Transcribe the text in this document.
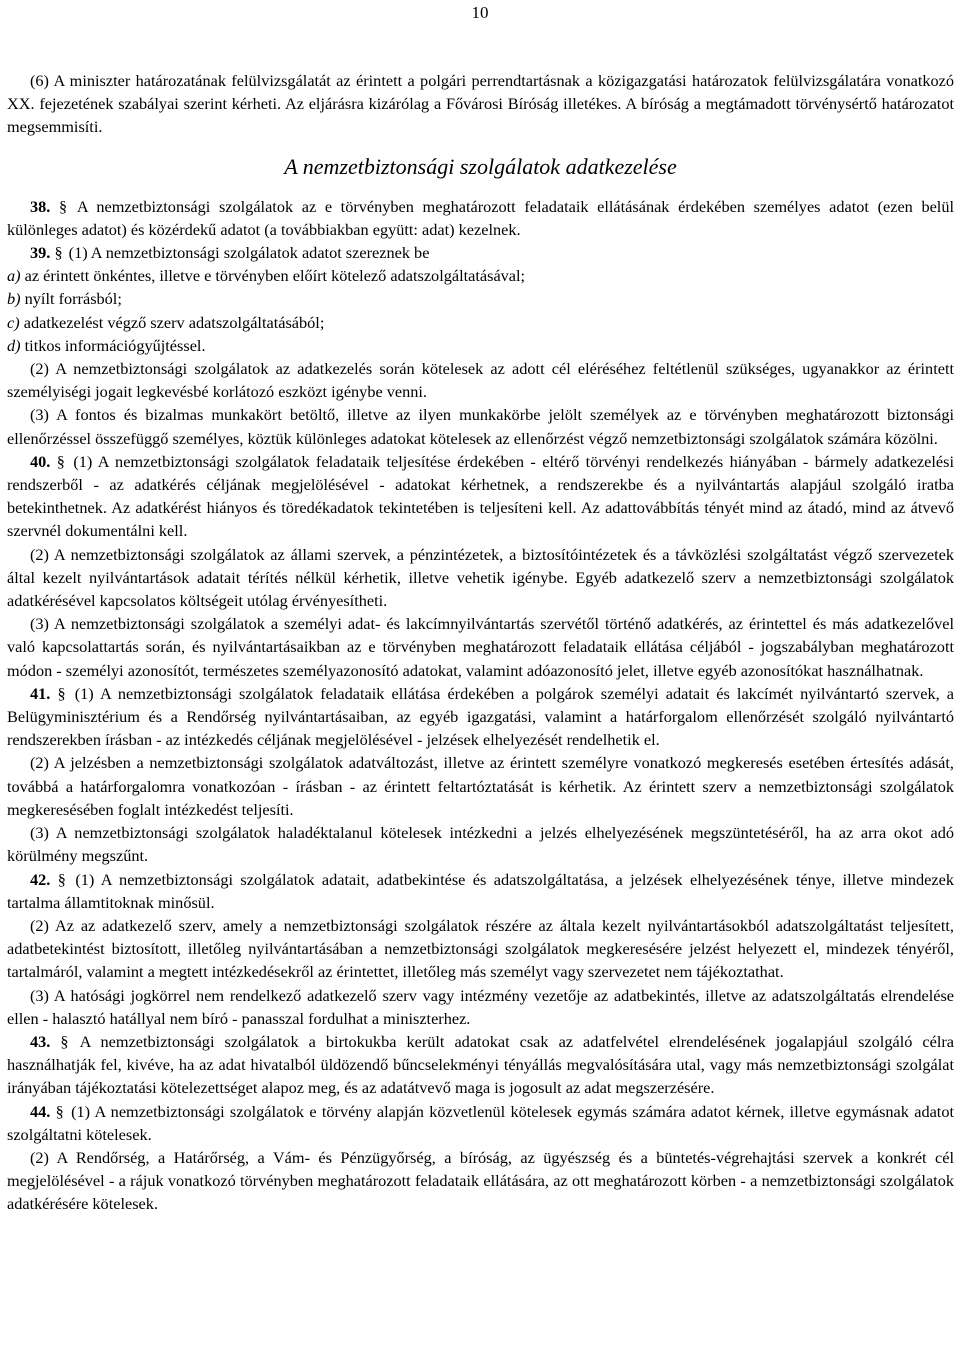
10

(6) A miniszter határozatának felülvizsgálatát az érintett a polgári perrendtartásnak a közigazgatási határozatok felülvizsgálatára vonatkozó XX. fejezetének szabályai szerint kérheti. Az eljárásra kizárólag a Fővárosi Bíróság illetékes. A bíróság a megtámadott törvénysértő határozatot megsemmisíti.

A nemzetbiztonsági szolgálatok adatkezelése

38. § A nemzetbiztonsági szolgálatok az e törvényben meghatározott feladataik ellátásának érdekében személyes adatot (ezen belül különleges adatot) és közérdekű adatot (a továbbiakban együtt: adat) kezelnek.

39. § (1) A nemzetbiztonsági szolgálatok adatot szereznek be

a) az érintett önkéntes, illetve e törvényben előírt kötelező adatszolgáltatásával;

b) nyílt forrásból;

c) adatkezelést végző szerv adatszolgáltatásából;

d) titkos információgyűjtéssel.

(2) A nemzetbiztonsági szolgálatok az adatkezelés során kötelesek az adott cél eléréséhez feltétlenül szükséges, ugyanakkor az érintett személyiségi jogait legkevésbé korlátozó eszközt igénybe venni.

(3) A fontos és bizalmas munkakört betöltő, illetve az ilyen munkakörbe jelölt személyek az e törvényben meghatározott biztonsági ellenőrzéssel összefüggő személyes, köztük különleges adatokat kötelesek az ellenőrzést végző nemzetbiztonsági szolgálatok számára közölni.

40. § (1) A nemzetbiztonsági szolgálatok feladataik teljesítése érdekében - eltérő törvényi rendelkezés hiányában - bármely adatkezelési rendszerből - az adatkérés céljának megjelölésével - adatokat kérhetnek, a rendszerekbe és a nyilvántartás alapjául szolgáló iratba betekinthetnek. Az adatkérést hiányos és töredékadatok tekintetében is teljesíteni kell. Az adattovábbítás tényét mind az átadó, mind az átvevő szervnél dokumentálni kell.

(2) A nemzetbiztonsági szolgálatok az állami szervek, a pénzintézetek, a biztosítóintézetek és a távközlési szolgáltatást végző szervezetek által kezelt nyilvántartások adatait térítés nélkül kérhetik, illetve vehetik igénybe. Egyéb adatkezelő szerv a nemzetbiztonsági szolgálatok adatkérésével kapcsolatos költségeit utólag érvényesítheti.

(3) A nemzetbiztonsági szolgálatok a személyi adat- és lakcímnyilvántartás szervétől történő adatkérés, az érintettel és más adatkezelővel való kapcsolattartás során, és nyilvántartásaikban az e törvényben meghatározott feladataik ellátása céljából - jogszabályban meghatározott módon - személyi azonosítót, természetes személyazonosító adatokat, valamint adóazonosító jelet, illetve egyéb azonosítókat használhatnak.

41. § (1) A nemzetbiztonsági szolgálatok feladataik ellátása érdekében a polgárok személyi adatait és lakcímét nyilvántartó szervek, a Belügyminisztérium és a Rendőrség nyilvántartásaiban, az egyéb igazgatási, valamint a határforgalom ellenőrzését szolgáló nyilvántartó rendszerekben írásban - az intézkedés céljának megjelölésével - jelzések elhelyezését rendelhetik el.

(2) A jelzésben a nemzetbiztonsági szolgálatok adatváltozást, illetve az érintett személyre vonatkozó megkeresés esetében értesítés adását, továbbá a határforgalomra vonatkozóan - írásban - az érintett feltartóztatását is kérhetik. Az érintett szerv a nemzetbiztonsági szolgálatok megkeresésében foglalt intézkedést teljesíti.

(3) A nemzetbiztonsági szolgálatok haladéktalanul kötelesek intézkedni a jelzés elhelyezésének megszüntetéséről, ha az arra okot adó körülmény megszűnt.

42. § (1) A nemzetbiztonsági szolgálatok adatait, adatbekintése és adatszolgáltatása, a jelzések elhelyezésének ténye, illetve mindezek tartalma államtitoknak minősül.

(2) Az az adatkezelő szerv, amely a nemzetbiztonsági szolgálatok részére az általa kezelt nyilvántartásokból adatszolgáltatást teljesített, adatbetekintést biztosított, illetőleg nyilvántartásában a nemzetbiztonsági szolgálatok megkeresésére jelzést helyezett el, mindezek tényéről, tartalmáról, valamint a megtett intézkedésekről az érintettet, illetőleg más személyt vagy szervezetet nem tájékoztathat.

(3) A hatósági jogkörrel nem rendelkező adatkezelő szerv vagy intézmény vezetője az adatbekintés, illetve az adatszolgáltatás elrendelése ellen - halasztó hatállyal nem bíró - panasszal fordulhat a miniszterhez.

43. § A nemzetbiztonsági szolgálatok a birtokukba került adatokat csak az adatfelvétel elrendelésének jogalapjául szolgáló célra használhatják fel, kivéve, ha az adat hivatalból üldözendő bűncselekményi tényállás megvalósítására utal, vagy más nemzetbiztonsági szolgálat irányában tájékoztatási kötelezettséget alapoz meg, és az adatátvevő maga is jogosult az adat megszerzésére.

44. § (1) A nemzetbiztonsági szolgálatok e törvény alapján közvetlenül kötelesek egymás számára adatot kérnek, illetve egymásnak adatot szolgáltatni kötelesek.

(2) A Rendőrség, a Határőrség, a Vám- és Pénzügyőrség, a bíróság, az ügyészség és a büntetés-végrehajtási szervek a konkrét cél megjelölésével - a rájuk vonatkozó törvényben meghatározott feladataik ellátására, az ott meghatározott körben - a nemzetbiztonsági szolgálatok adatkérésére kötelesek.
